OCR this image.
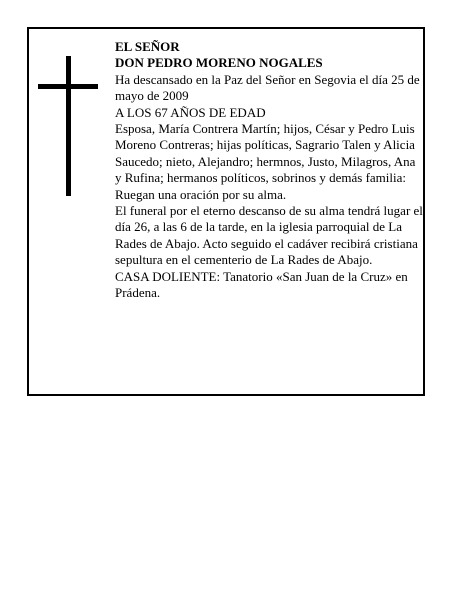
EL SEÑOR

DON PEDRO MORENO NOGALES

Ha descansado en la Paz del Señor en Segovia el día 25 de mayo de 2009

A LOS 67 AÑOS DE EDAD

Esposa, María Contrera Martín; hijos, César y Pedro Luis Moreno Contreras; hijas políticas, Sagrario Talen y Alicia Saucedo; nieto, Alejandro; hermnos, Justo, Milagros, Ana y Rufina; hermanos políticos, sobrinos y demás familia:

Ruegan una oración por su alma.

El funeral por el eterno descanso de su alma tendrá lugar el día 26, a las 6 de la tarde, en la iglesia parroquial de La Rades de Abajo. Acto seguido el cadáver recibirá cristiana sepultura en el cementerio de La Rades de Abajo.

CASA DOLIENTE: Tanatorio «San Juan de la Cruz» en Prádena.
